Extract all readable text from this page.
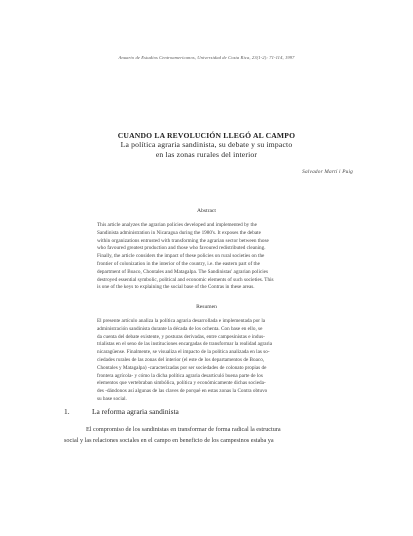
Anuario de Estudios Centroamericanos, Universidad de Costa Rica, 23(1-2): 71-114, 1997
CUANDO LA REVOLUCIÓN LLEGÓ AL CAMPO
La política agraria sandinista, su debate y su impacto
en las zonas rurales del interior
Salvador Martí i Puig
Abstract
This article analyzes the agrarian policies developed and implemented by the
Sandinista administration in Nicaragua during the 1980's. It exposes the debate
within organizations entrusted with transforming the agrarian sector between those
who favoured greatest production and those who favoured redistributed cleaning.
Finally, the article considers the impact of these policies on rural societies on the
frontier of colonization in the interior of the country, i.e. the eastern part of the
department of Boaco, Chontales and Matagalpa. The Sandinistas' agrarian policies
destroyed essential symbolic, political and economic elements of such societies. This
is one of the keys to explaining the social base of the Contras in these areas.
Resumen
El presente artículo analiza la política agraria desarrollada e implementada por la
administración sandinista durante la década de los ochenta. Con base en ello, se
da cuenta del debate existente, y posturas derivadas, entre campesinistas e indus-
trialistas en el seno de las instituciones encargadas de transformar la realidad agraria
nicaragüense. Finalmente, se visualiza el impacto de la política analizada en las so-
ciedades rurales de las zonas del interior (el este de los departamentos de Boaco,
Chontales y Matagalpa) -caracterizadas por ser sociedades de colonato propias de
frontera agrícola- y cómo la dicha política agraria desarticuló buena parte de los
elementos que vertebraban simbólica, política y económicamente dichas socieda-
des -dándonos así algunas de las claves de porqué en estas zonas la Contra obtuvo
su base social.
1.	La reforma agraria sandinista
El compromiso de los sandinistas en transformar de forma radical la estructura
social y las relaciones sociales en el campo en beneficio de los campesinos estaba ya
